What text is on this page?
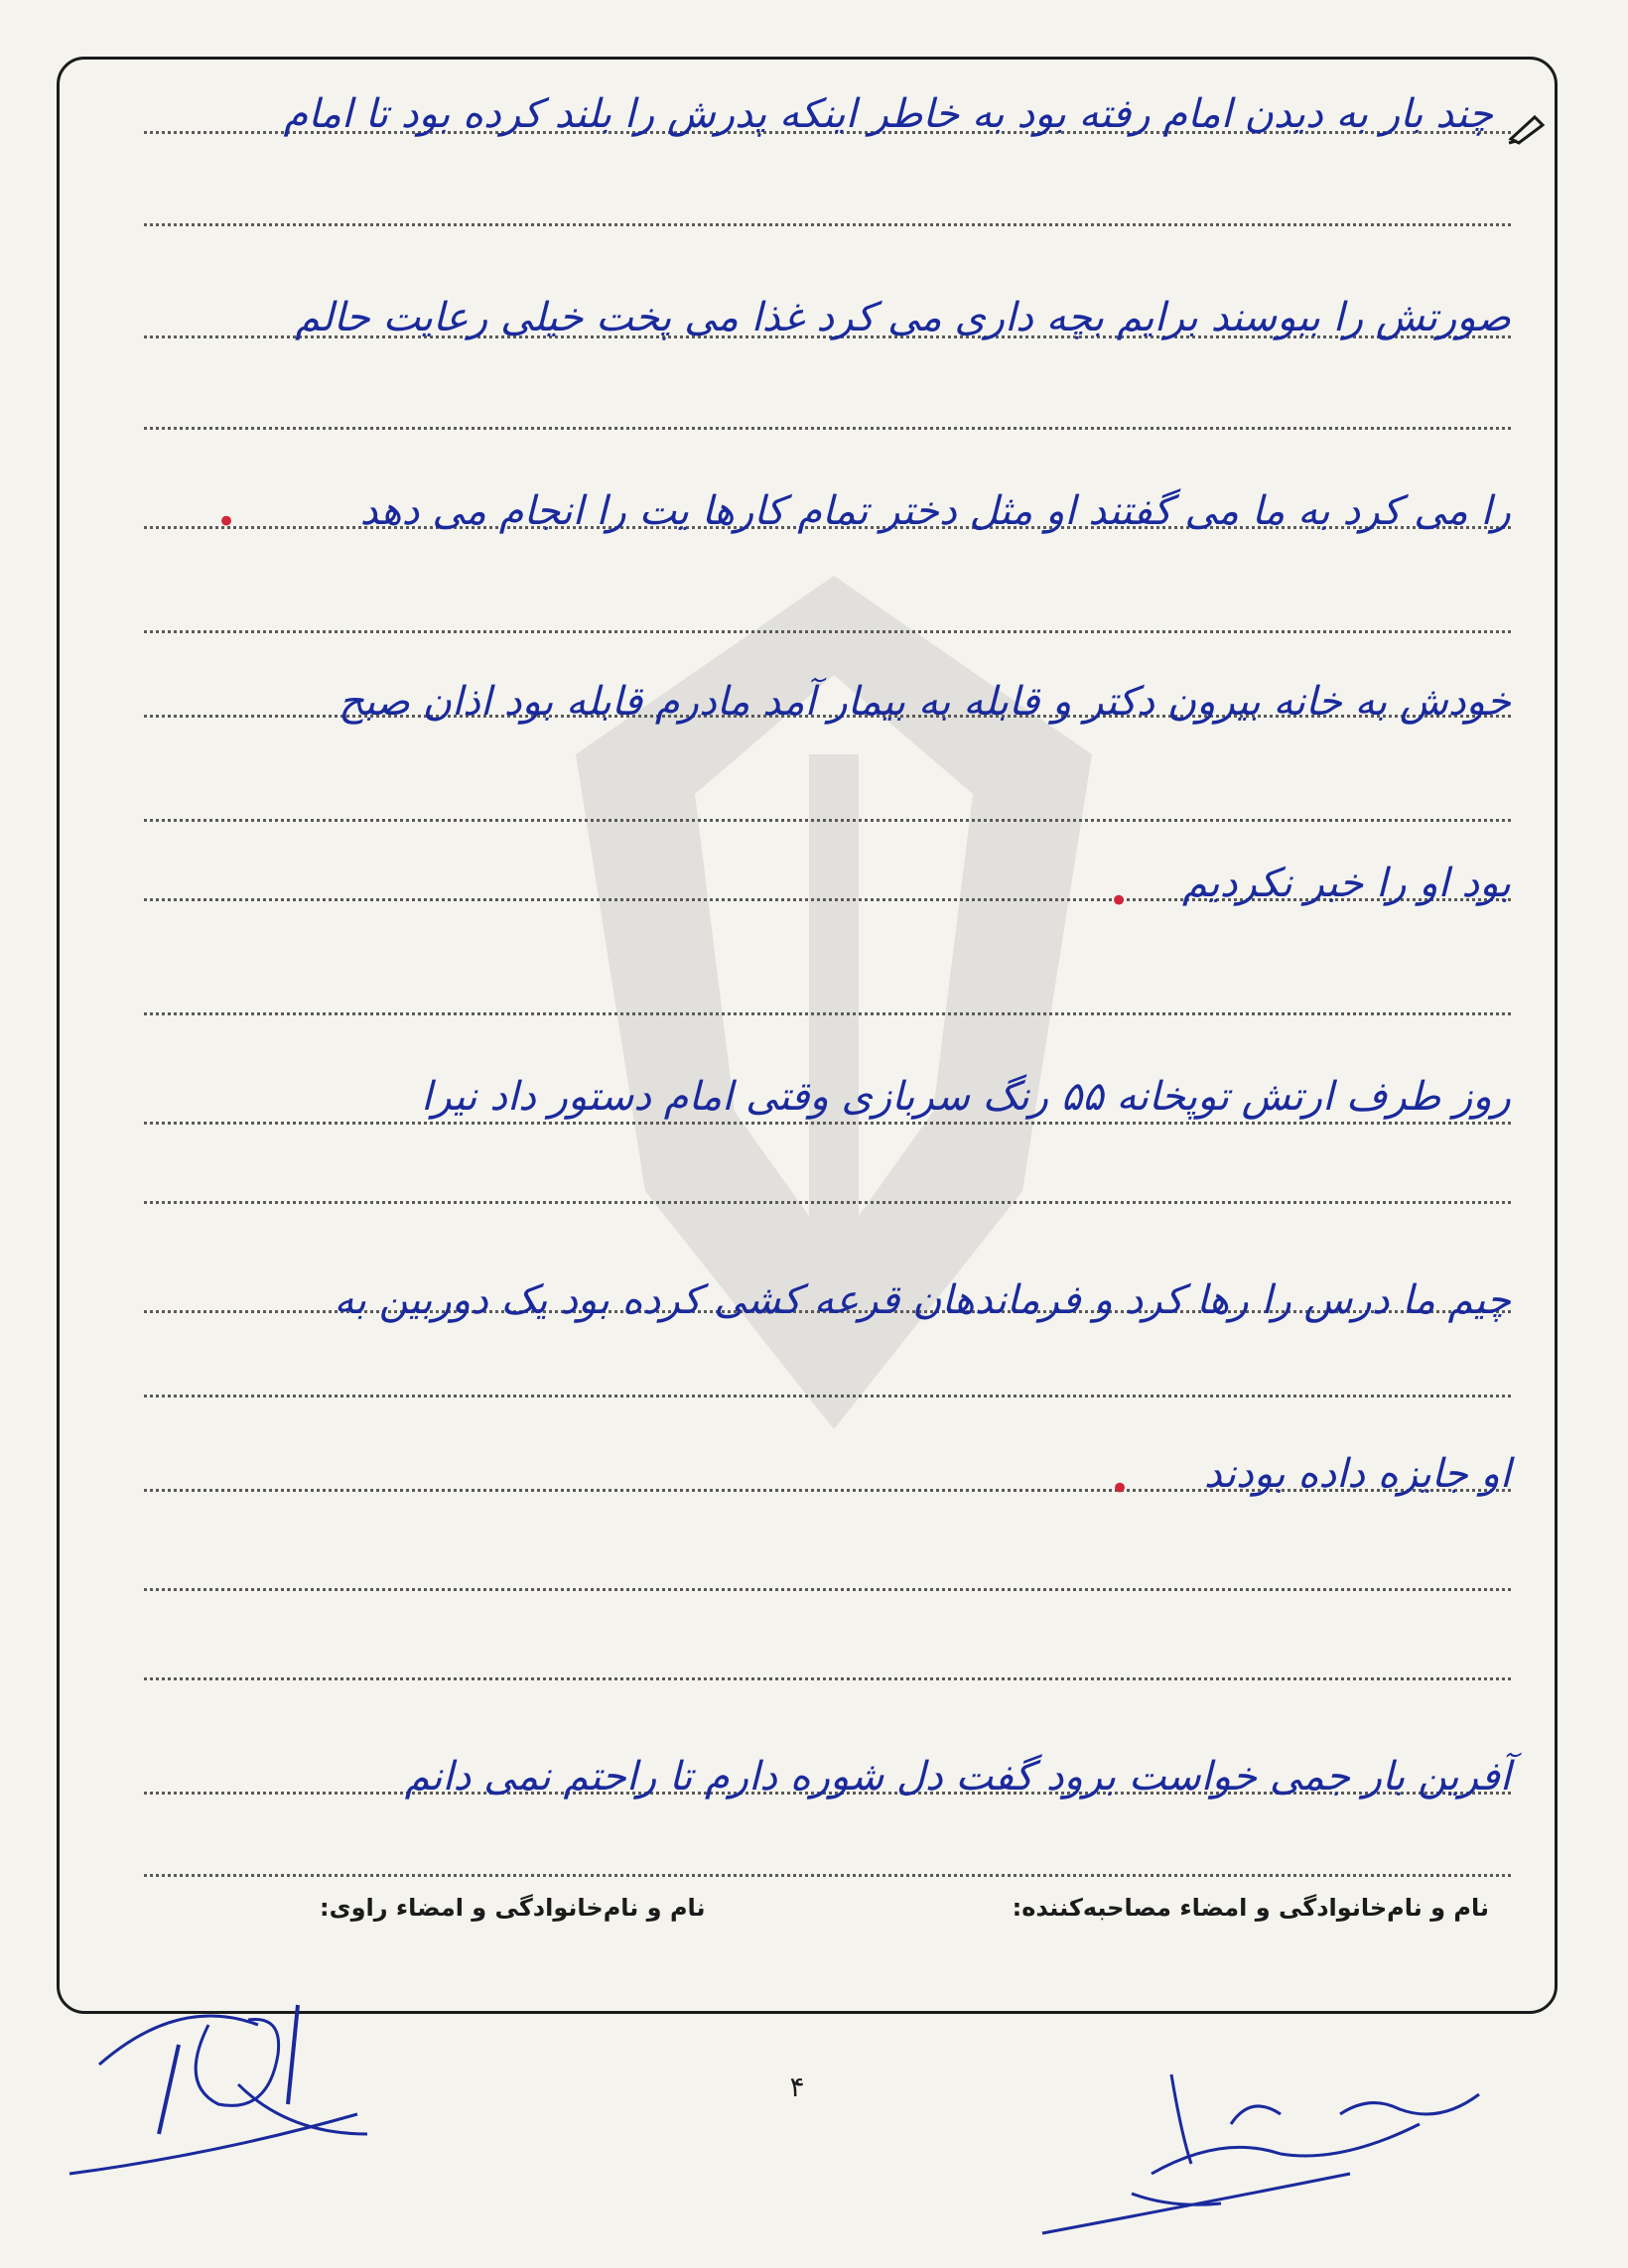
چند بار به دیدن امام رفته بود به خاطر اینکه پدرش را بلند کرده بود تا امام
صورتش را ببوسند برایم بچه داری می کرد غذا می پخت خیلی رعایت حالم
را می کرد به ما می گفتند او مثل دختر تمام کارها یت را انجام می دهد
خودش به خانه بیرون دکتر و قابله به بیمار آمد مادرم قابله بود اذان صبح
بود او را خبر نکردیم
روز طرف ارتش توپخانه ۵۵ رنگ سربازی وقتی امام دستور داد نیرا
چیم ما درس را رها کرد و فرماندهان قرعه کشی کرده بود یک دوربین به
او جایزه داده بودند
آفرین بار جمی خواست برود گفت دل شوره دارم تا راحتم نمی دانم
•
•
•
نام و نام‌خانوادگی و امضاء مصاحبه‌کننده:
نام و نام‌خانوادگی و امضاء راوی:
۴
